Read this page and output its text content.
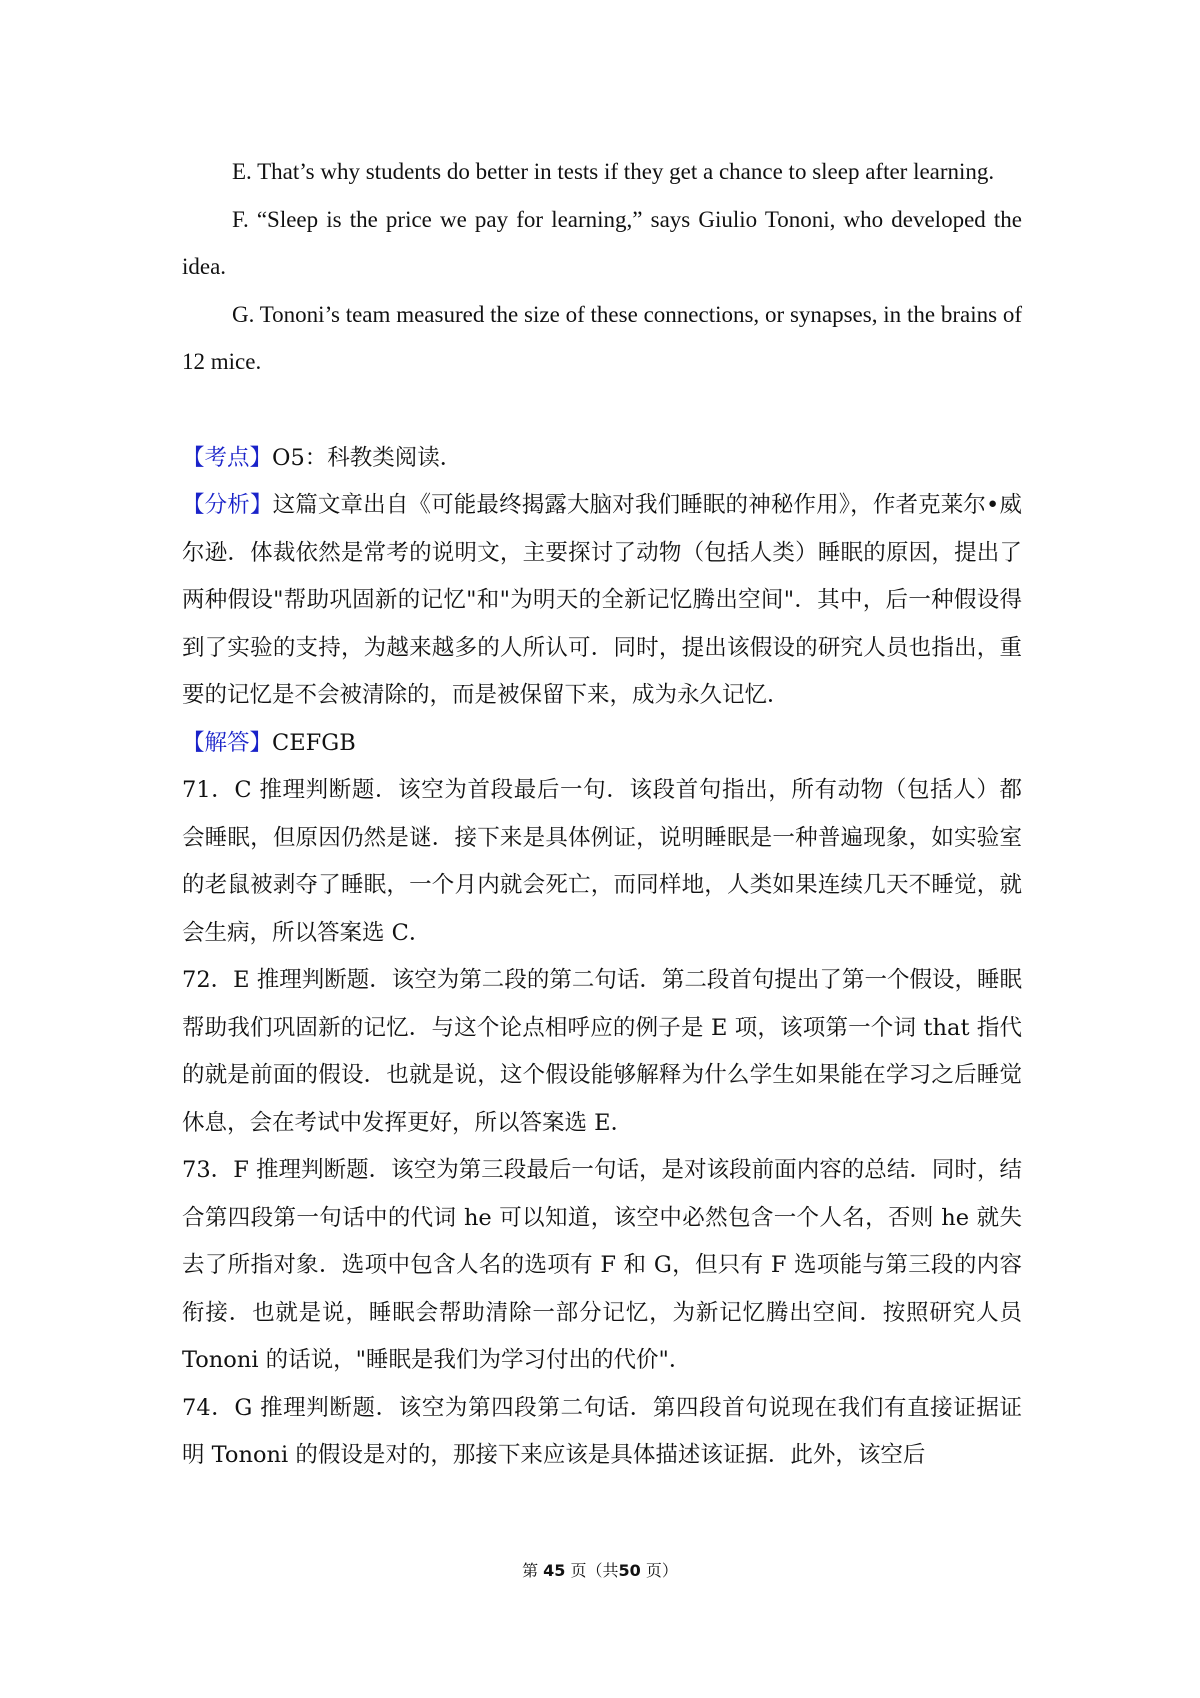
E. That’s why students do better in tests if they get a chance to sleep after learning.

F. “Sleep is the price we pay for learning,” says Giulio Tononi, who developed the idea.

G. Tononi’s team measured the size of these connections, or synapses, in the brains of 12 mice.

【考点】O5：科教类阅读．

【分析】这篇文章出自《可能最终揭露大脑对我们睡眠的神秘作用》，作者克莱尔•威尔逊．体裁依然是常考的说明文，主要探讨了动物（包括人类）睡眠的原因，提出了两种假设"帮助巩固新的记忆"和"为明天的全新记忆腾出空间"．其中，后一种假设得到了实验的支持，为越来越多的人所认可．同时，提出该假设的研究人员也指出，重要的记忆是不会被清除的，而是被保留下来，成为永久记忆．

【解答】CEFGB

71．C 推理判断题．该空为首段最后一句．该段首句指出，所有动物（包括人）都会睡眠，但原因仍然是谜．接下来是具体例证，说明睡眠是一种普遍现象，如实验室的老鼠被剥夺了睡眠，一个月内就会死亡，而同样地，人类如果连续几天不睡觉，就会生病，所以答案选 C．

72．E 推理判断题．该空为第二段的第二句话．第二段首句提出了第一个假设，睡眠帮助我们巩固新的记忆．与这个论点相呼应的例子是 E 项，该项第一个词 that 指代的就是前面的假设．也就是说，这个假设能够解释为什么学生如果能在学习之后睡觉休息，会在考试中发挥更好，所以答案选 E．

73．F 推理判断题．该空为第三段最后一句话，是对该段前面内容的总结．同时，结合第四段第一句话中的代词 he 可以知道，该空中必然包含一个人名，否则 he 就失去了所指对象．选项中包含人名的选项有 F 和 G，但只有 F 选项能与第三段的内容衔接．也就是说，睡眠会帮助清除一部分记忆，为新记忆腾出空间．按照研究人员 Tononi 的话说，"睡眠是我们为学习付出的代价"．

74．G 推理判断题．该空为第四段第二句话．第四段首句说现在我们有直接证据证明 Tononi 的假设是对的，那接下来应该是具体描述该证据．此外，该空后

第 45 页（共50 页）
